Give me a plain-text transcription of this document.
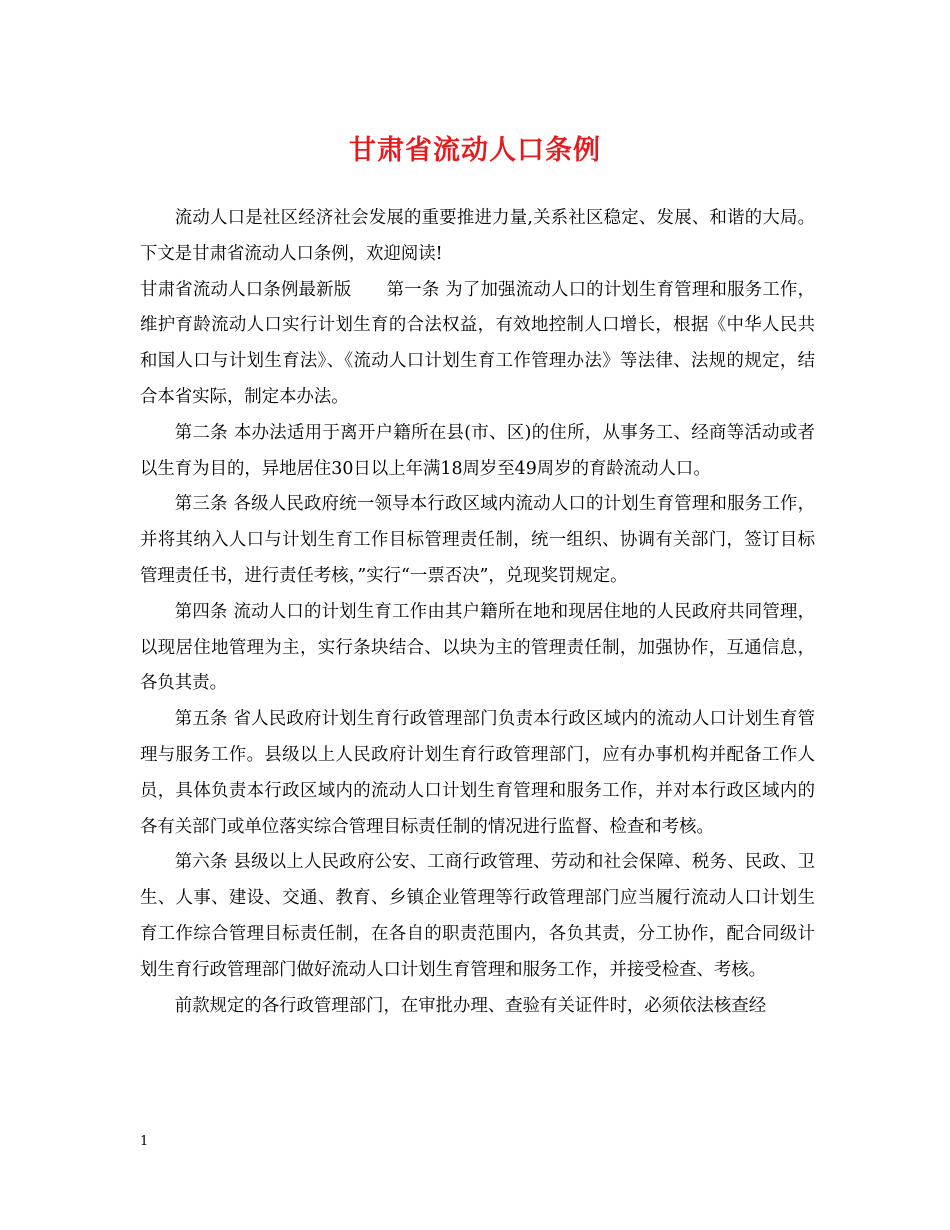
甘肃省流动人口条例

流动人口是社区经济社会发展的重要推进力量,关系社区稳定、发展、和谐的大局。下文是甘肃省流动人口条例，欢迎阅读!

甘肃省流动人口条例最新版　　第一条 为了加强流动人口的计划生育管理和服务工作，维护育龄流动人口实行计划生育的合法权益，有效地控制人口增长，根据《中华人民共和国人口与计划生育法》、《流动人口计划生育工作管理办法》等法律、法规的规定，结合本省实际，制定本办法。

第二条 本办法适用于离开户籍所在县(市、区)的住所，从事务工、经商等活动或者以生育为目的，异地居住30日以上年满18周岁至49周岁的育龄流动人口。

第三条 各级人民政府统一领导本行政区域内流动人口的计划生育管理和服务工作，并将其纳入人口与计划生育工作目标管理责任制，统一组织、协调有关部门，签订目标管理责任书，进行责任考核，”实行“一票否决”，兑现奖罚规定。

第四条 流动人口的计划生育工作由其户籍所在地和现居住地的人民政府共同管理，以现居住地管理为主，实行条块结合、以块为主的管理责任制，加强协作，互通信息，各负其责。

第五条 省人民政府计划生育行政管理部门负责本行政区域内的流动人口计划生育管理与服务工作。县级以上人民政府计划生育行政管理部门，应有办事机构并配备工作人员，具体负责本行政区域内的流动人口计划生育管理和服务工作，并对本行政区域内的各有关部门或单位落实综合管理目标责任制的情况进行监督、检查和考核。

第六条 县级以上人民政府公安、工商行政管理、劳动和社会保障、税务、民政、卫生、人事、建设、交通、教育、乡镇企业管理等行政管理部门应当履行流动人口计划生育工作综合管理目标责任制，在各自的职责范围内，各负其责，分工协作，配合同级计划生育行政管理部门做好流动人口计划生育管理和服务工作，并接受检查、考核。

前款规定的各行政管理部门，在审批办理、查验有关证件时，必须依法核查经

1
